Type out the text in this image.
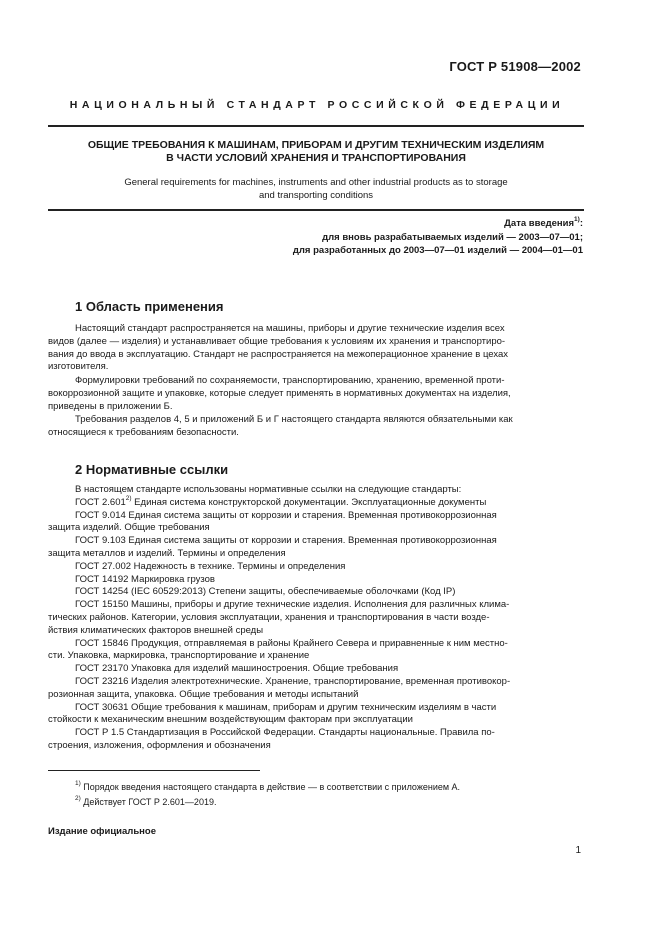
ГОСТ Р 51908—2002
НАЦИОНАЛЬНЫЙ СТАНДАРТ РОССИЙСКОЙ ФЕДЕРАЦИИ
ОБЩИЕ ТРЕБОВАНИЯ К МАШИНАМ, ПРИБОРАМ И ДРУГИМ ТЕХНИЧЕСКИМ ИЗДЕЛИЯМ
В ЧАСТИ УСЛОВИЙ ХРАНЕНИЯ И ТРАНСПОРТИРОВАНИЯ
General requirements for machines, instruments and other industrial products as to storage
and transporting conditions
Дата введения$^{1)}$:
для вновь разрабатываемых изделий — 2003—07—01;
для разработанных до 2003—07—01 изделий — 2004—01—01
1 Область применения
Настоящий стандарт распространяется на машины, приборы и другие технические изделия всех
видов (далее — изделия) и устанавливает общие требования к условиям их хранения и транспортиро-
вания до ввода в эксплуатацию. Стандарт не распространяется на межоперационное хранение в цехах
изготовителя.
Формулировки требований по сохраняемости, транспортированию, хранению, временной проти-
вокоррозионной защите и упаковке, которые следует применять в нормативных документах на изделия,
приведены в приложении Б.
Требования разделов 4, 5 и приложений Б и Г настоящего стандарта являются обязательными как
относящиеся к требованиям безопасности.
2 Нормативные ссылки
В настоящем стандарте использованы нормативные ссылки на следующие стандарты:
ГОСТ 2.601$^{2)}$ Единая система конструкторской документации. Эксплуатационные документы
ГОСТ 9.014 Единая система защиты от коррозии и старения. Временная противокоррозионная
защита изделий. Общие требования
ГОСТ 9.103 Единая система защиты от коррозии и старения. Временная противокоррозионная
защита металлов и изделий. Термины и определения
ГОСТ 27.002 Надежность в технике. Термины и определения
ГОСТ 14192 Маркировка грузов
ГОСТ 14254 (IEC 60529:2013) Степени защиты, обеспечиваемые оболочками (Код IP)
ГОСТ 15150 Машины, приборы и другие технические изделия. Исполнения для различных клима-
тических районов. Категории, условия эксплуатации, хранения и транспортирования в части возде-
йствия климатических факторов внешней среды
ГОСТ 15846 Продукция, отправляемая в районы Крайнего Севера и приравненные к ним местно-
сти. Упаковка, маркировка, транспортирование и хранение
ГОСТ 23170 Упаковка для изделий машиностроения. Общие требования
ГОСТ 23216 Изделия электротехнические. Хранение, транспортирование, временная противокор-
розионная защита, упаковка. Общие требования и методы испытаний
ГОСТ 30631 Общие требования к машинам, приборам и другим техническим изделиям в части
стойкости к механическим внешним воздействующим факторам при эксплуатации
ГОСТ Р 1.5 Стандартизация в Российской Федерации. Стандарты национальные. Правила по-
строения, изложения, оформления и обозначения
$^{1)}$ Порядок введения настоящего стандарта в действие — в соответствии с приложением А.
$^{2)}$ Действует ГОСТ Р 2.601—2019.
Издание официальное
1
